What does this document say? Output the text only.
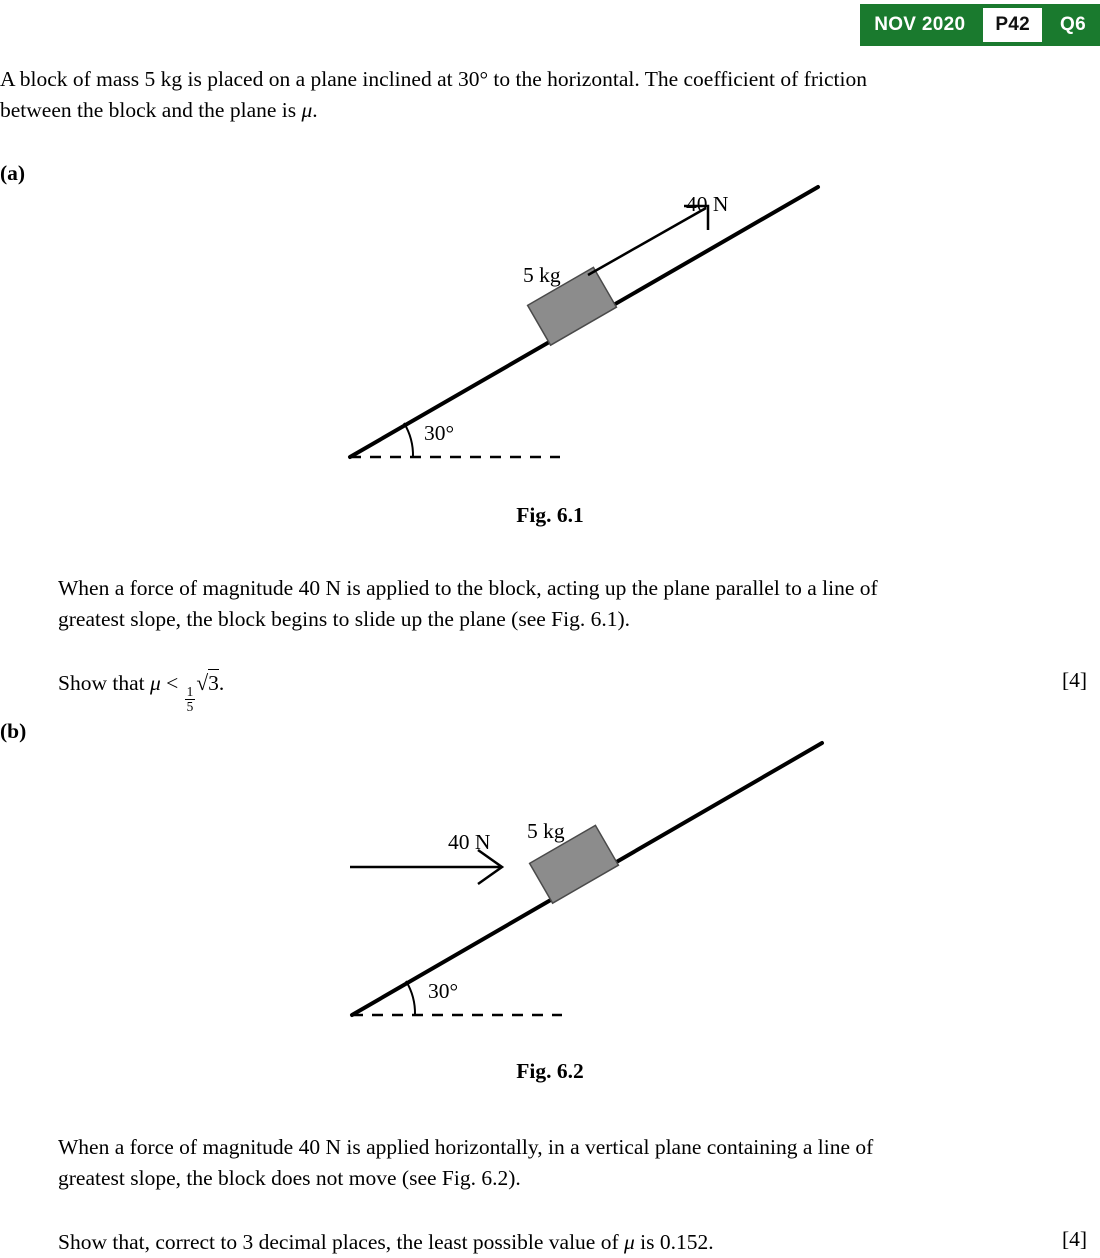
NOV 2020	P42	Q6
A block of mass 5 kg is placed on a plane inclined at 30° to the horizontal. The coefficient of friction
between the block and the plane is μ.
(a)
40 N
5 kg
30°
Fig. 6.1
When a force of magnitude 40 N is applied to the block, acting up the plane parallel to a line of
greatest slope, the block begins to slide up the plane (see Fig. 6.1).
Show that μ <
$\frac{1}{5}$
√3.	[4]
(b)
40 N 5 kg
30°
Fig. 6.2
When a force of magnitude 40 N is applied horizontally, in a vertical plane containing a line of
greatest slope, the block does not move (see Fig. 6.2).
Show that, correct to 3 decimal places, the least possible value of μ is 0.152.	[4]
